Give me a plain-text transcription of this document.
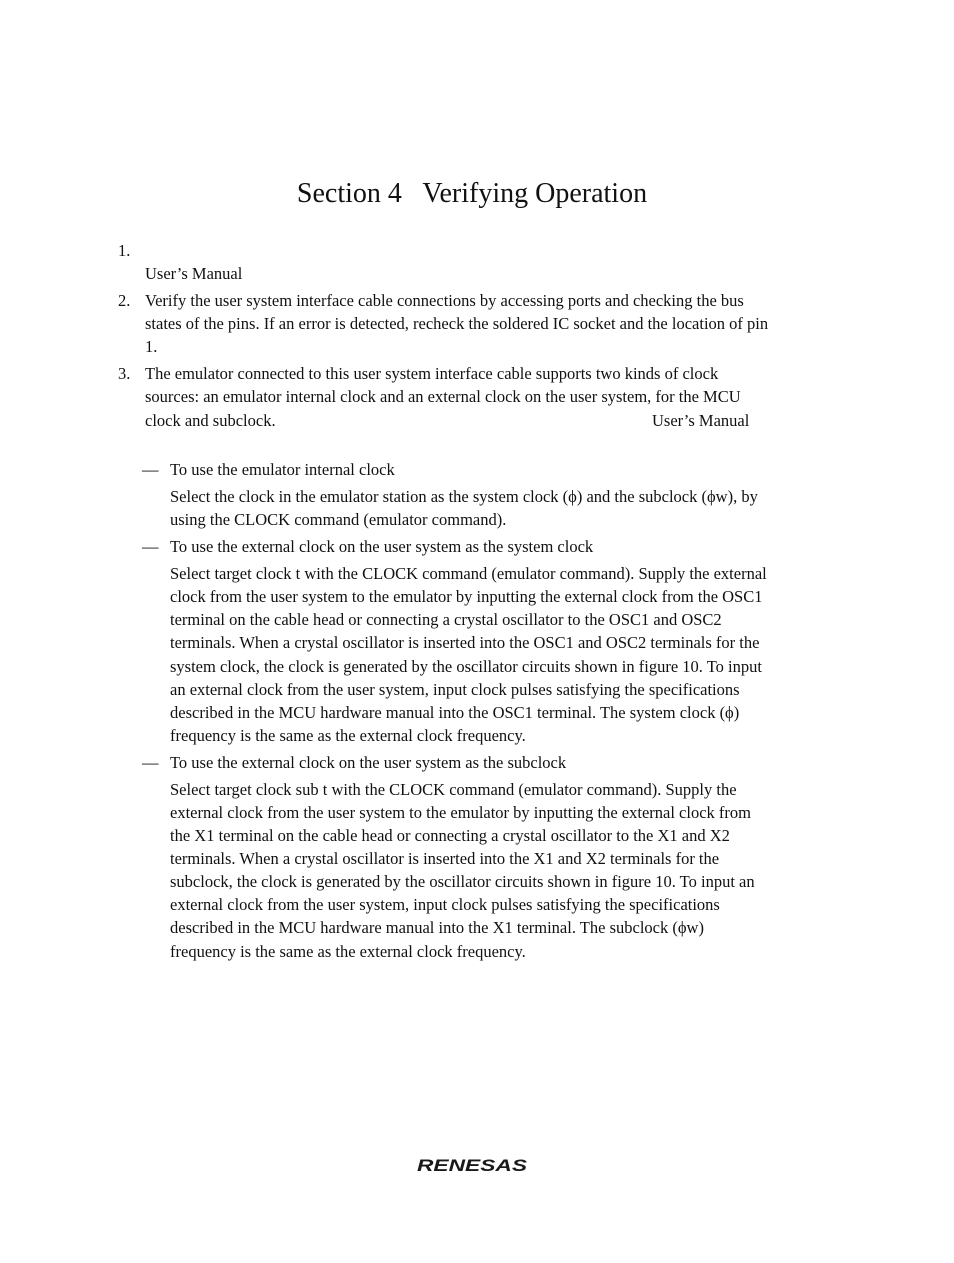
Section 4   Verifying Operation
1.
User’s Manual
2. Verify the user system interface cable connections by accessing ports and checking the bus
states of the pins. If an error is detected, recheck the soldered IC socket and the location of pin
1.
3. The emulator connected to this user system interface cable supports two kinds of clock
sources: an emulator internal clock and an external clock on the user system, for the MCU
clock and subclock.	User’s Manual
— To use the emulator internal clock
Select the clock in the emulator station as the system clock (ϕ) and the subclock (ϕw), by
using the CLOCK command (emulator command).
— To use the external clock on the user system as the system clock
Select target clock t with the CLOCK command (emulator command). Supply the external
clock from the user system to the emulator by inputting the external clock from the OSC1
terminal on the cable head or connecting a crystal oscillator to the OSC1 and OSC2
terminals. When a crystal oscillator is inserted into the OSC1 and OSC2 terminals for the
system clock, the clock is generated by the oscillator circuits shown in figure 10. To input
an external clock from the user system, input clock pulses satisfying the specifications
described in the MCU hardware manual into the OSC1 terminal. The system clock (ϕ)
frequency is the same as the external clock frequency.
— To use the external clock on the user system as the subclock
Select target clock sub t with the CLOCK command (emulator command). Supply the
external clock from the user system to the emulator by inputting the external clock from
the X1 terminal on the cable head or connecting a crystal oscillator to the X1 and X2
terminals. When a crystal oscillator is inserted into the X1 and X2 terminals for the
subclock, the clock is generated by the oscillator circuits shown in figure 10. To input an
external clock from the user system, input clock pulses satisfying the specifications
described in the MCU hardware manual into the X1 terminal. The subclock (ϕw)
frequency is the same as the external clock frequency.
RENESAS
